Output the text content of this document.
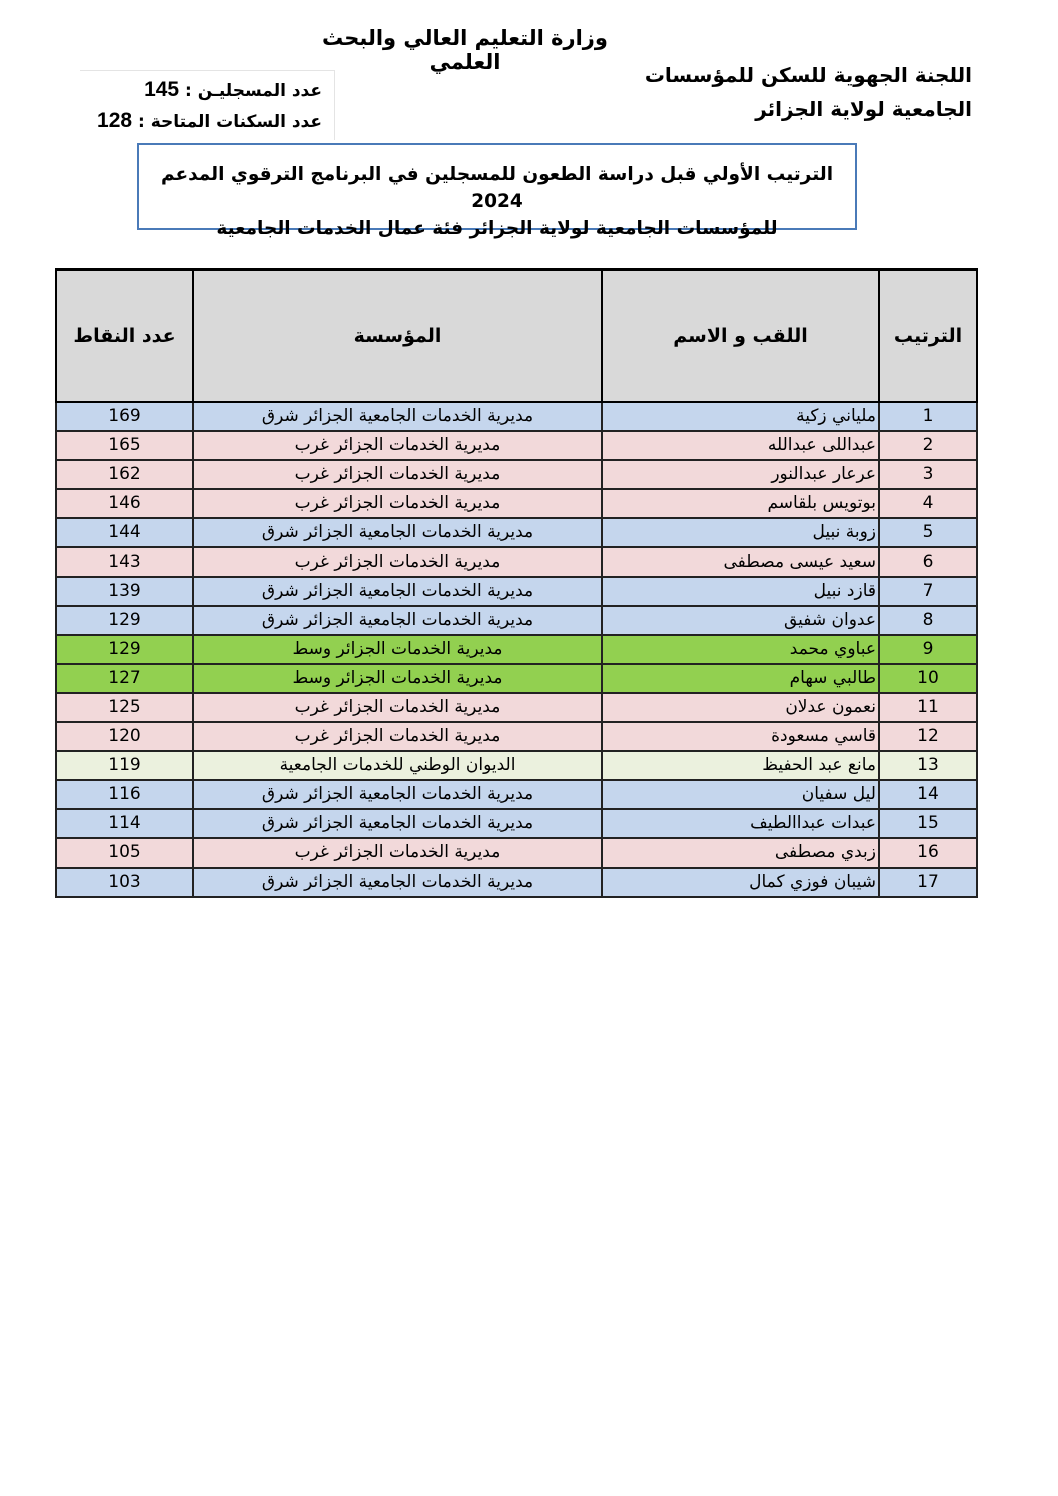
وزارة التعليم العالي والبحث العلمي
اللجنة الجهوية للسكن للمؤسسات
الجامعية لولاية الجزائر
عدد المسجليـن : 145
عدد السكنات المتاحة : 128
الترتيب الأولي قبل دراسة الطعون للمسجلين في البرنامج الترقوي المدعم 2024
للمؤسسات الجامعية لولاية الجزائر فئة عمال الخدمات الجامعية
الترتيب	اللقب و الاسم	المؤسسة	عدد النقاط
1	ملياني زكية	مديرية الخدمات الجامعية الجزائر شرق	169
2	عبداللى عبدالله	مديرية الخدمات الجزائر غرب	165
3	عرعار عبدالنور	مديرية الخدمات الجزائر غرب	162
4	بوتويس بلقاسم	مديرية الخدمات الجزائر غرب	146
5	زوبة نبيل	مديرية الخدمات الجامعية الجزائر شرق	144
6	سعيد عيسى مصطفى	مديرية الخدمات الجزائر غرب	143
7	قازد نبيل	مديرية الخدمات الجامعية الجزائر شرق	139
8	عدوان شفيق	مديرية الخدمات الجامعية الجزائر شرق	129
9	عباوي محمد	مديرية الخدمات الجزائر وسط	129
10	طالبي سهام	مديرية الخدمات الجزائر وسط	127
11	نعمون عدلان	مديرية الخدمات الجزائر غرب	125
12	قاسي مسعودة	مديرية الخدمات الجزائر غرب	120
13	مانع عبد الحفيظ	الديوان الوطني للخدمات الجامعية	119
14	ليل سفيان	مديرية الخدمات الجامعية الجزائر شرق	116
15	عبدات عبداالطيف	مديرية الخدمات الجامعية الجزائر شرق	114
16	زبدي مصطفى	مديرية الخدمات الجزائر غرب	105
17	شيبان فوزي كمال	مديرية الخدمات الجامعية الجزائر شرق	103
